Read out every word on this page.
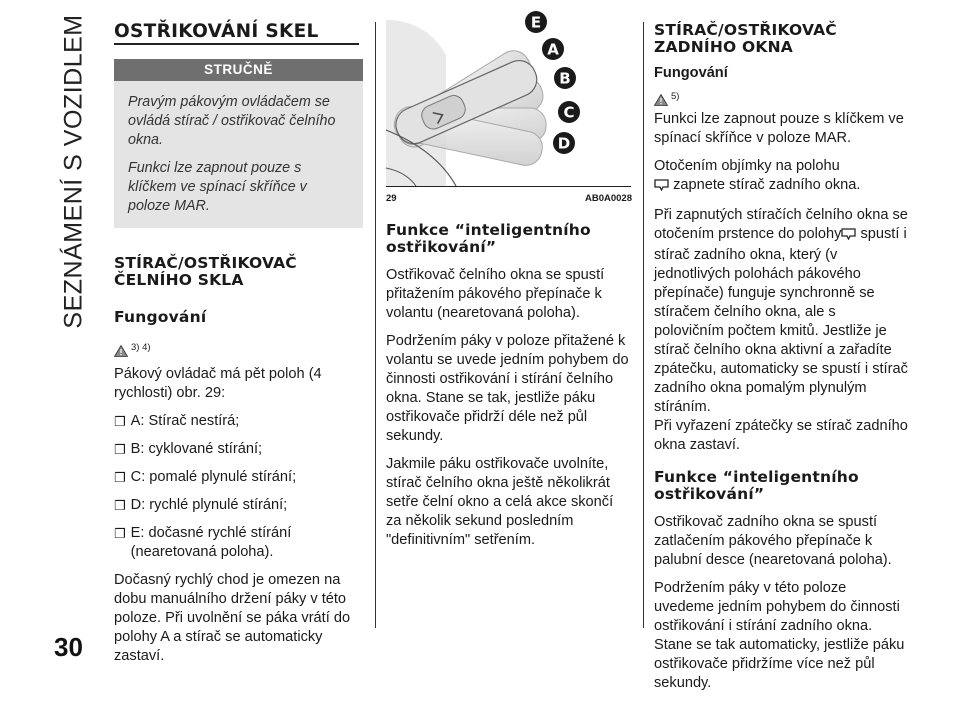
SEZNÁMENÍ S VOZIDLEM OSTŘIKOVÁNÍ SKEL
STRUČNĚ

Pravým pákovým ovládačem se ovládá stírač / ostřikovač čelního okna.

Funkci lze zapnout pouze s klíčkem ve spínací skříňce v poloze MAR.

STÍRAČ/OSTŘIKOVAČ ČELNÍHO SKLA
Fungování
3) 4)

Pákový ovládač má pět poloh (4 rychlosti) obr. 29:

❒ A: Stírač nestírá;
❒ B: cyklované stírání;
❒ C: pomalé plynulé stírání;
❒ D: rychlé plynulé stírání;
❒ E: dočasné rychlé stírání (nearetovaná poloha).

Dočasný rychlý chod je omezen na dobu manuálního držení páky v této poloze. Při uvolnění se páka vrátí do polohy A a stírač se automaticky zastaví.

E
A
B
C
D
29	AB0A0028
Funkce “inteligentního ostřikování”

Ostřikovač čelního okna se spustí přitažením pákového přepínače k volantu (nearetovaná poloha).

Podržením páky v poloze přitažené k volantu se uvede jedním pohybem do činnosti ostřikování i stírání čelního okna. Stane se tak, jestliže páku ostřikovače přidrží déle než půl sekundy.

Jakmile páku ostřikovače uvolníte, stírač čelního okna ještě několikrát setře čelní okno a celá akce skončí za několik sekund posledním "definitivním" setřením.

STÍRAČ/OSTŘIKOVAČ ZADNÍHO OKNA
Fungování
5)

Funkci lze zapnout pouze s klíčkem ve spínací skříňce v poloze MAR.

Otočením objímky na polohu
zapnete stírač zadního okna.

Při zapnutých stíračích čelního okna se otočením prstence do polohy spustí i stírač zadního okna, který (v jednotlivých polohách pákového přepínače) funguje synchronně se stíračem čelního okna, ale s polovičním počtem kmitů. Jestliže je stírač čelního okna aktivní a zařadíte zpátečku, automaticky se spustí i stírač zadního okna pomalým plynulým stíráním.
Při vyřazení zpátečky se stírač zadního okna zastaví.

Funkce “inteligentního ostřikování”

Ostřikovač zadního okna se spustí zatlačením pákového přepínače k palubní desce (nearetovaná poloha).

Podržením páky v této poloze uvedeme jedním pohybem do činnosti ostřikování i stírání zadního okna. Stane se tak automaticky, jestliže páku ostřikovače přidržíme více než půl sekundy.

30
